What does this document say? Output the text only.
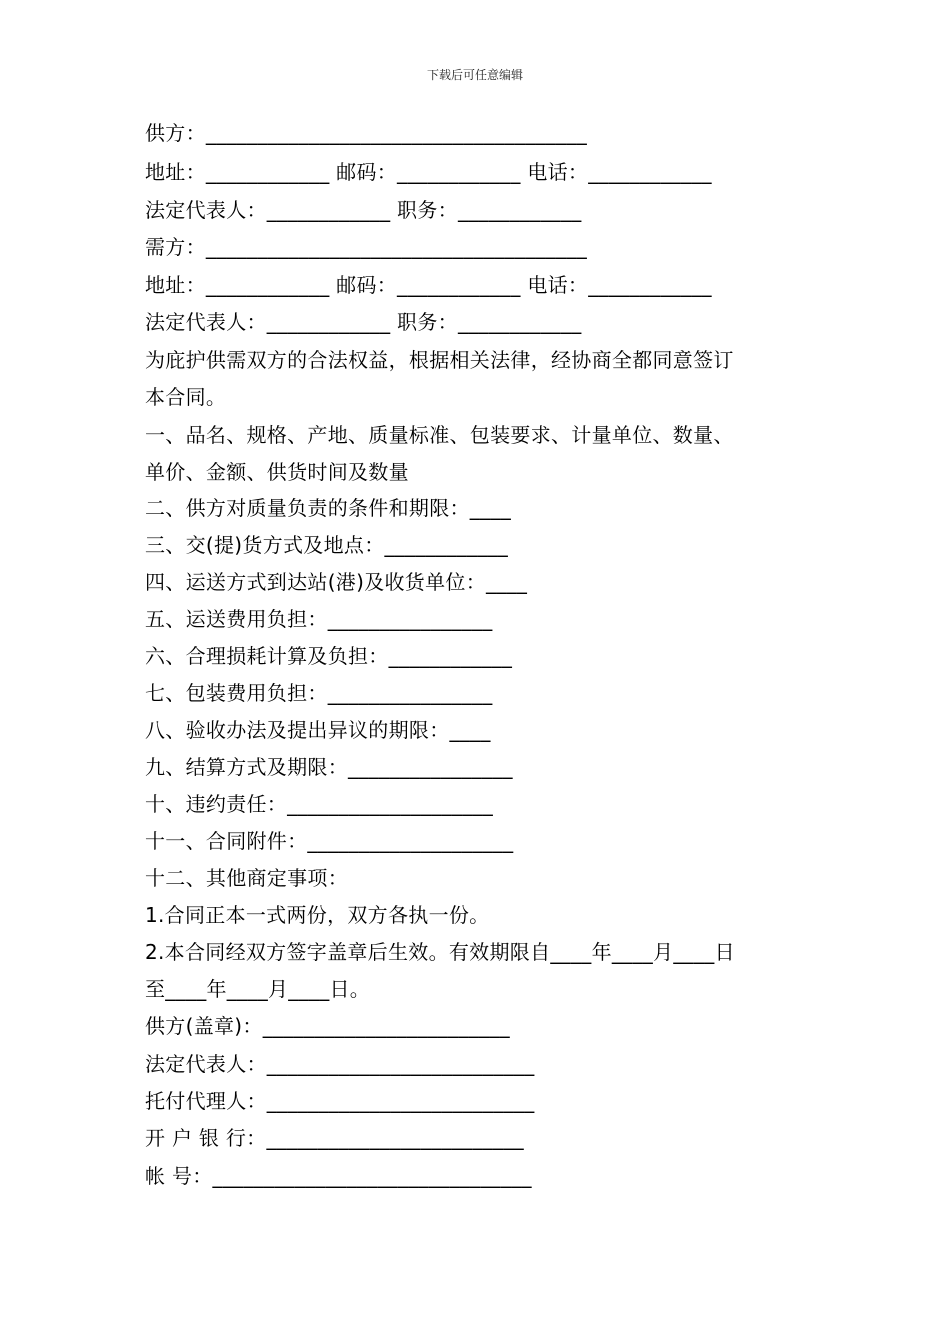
下载后可任意编辑
供方：_____________________________________
地址：____________ 邮码：____________ 电话：____________
法定代表人：____________ 职务：____________
需方：_____________________________________
地址：____________ 邮码：____________ 电话：____________
法定代表人：____________ 职务：____________
为庇护供需双方的合法权益，根据相关法律，经协商全都同意签订
本合同。
一、品名、规格、产地、质量标准、包装要求、计量单位、数量、
单价、金额、供货时间及数量
二、供方对质量负责的条件和期限：____
三、交(提)货方式及地点：____________
四、运送方式到达站(港)及收货单位：____
五、运送费用负担：________________
六、合理损耗计算及负担：____________
七、包装费用负担：________________
八、验收办法及提出异议的期限：____
九、结算方式及期限：________________
十、违约责任：____________________
十一、合同附件：____________________
十二、其他商定事项：
1.合同正本一式两份，双方各执一份。
2.本合同经双方签字盖章后生效。有效期限自____年____月____日
至____年____月____日。
供方(盖章)：________________________
法定代表人：__________________________
托付代理人：__________________________
开 户 银 行：_________________________
帐 号：_______________________________
